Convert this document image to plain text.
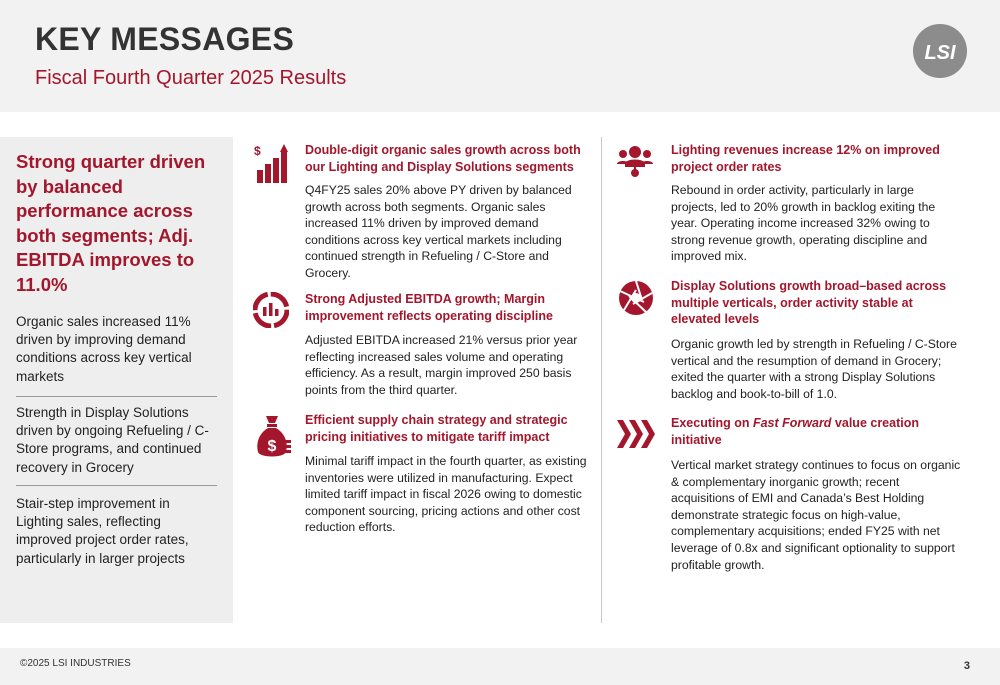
KEY MESSAGES
Fiscal Fourth Quarter 2025 Results
LSI
Strong quarter driven by balanced performance across both segments; Adj. EBITDA improves to 11.0%
Organic sales increased 11% driven by improving demand conditions across key vertical markets
Strength in Display Solutions driven by ongoing Refueling / C-Store programs, and continued recovery in Grocery
Stair-step improvement in Lighting sales, reflecting improved project order rates, particularly in larger projects
$	Double-digit organic sales growth across both our Lighting and Display Solutions segments
Q4FY25 sales 20% above PY driven by balanced growth across both segments. Organic sales increased 11% driven by improved demand conditions across key vertical markets including continued strength in Refueling / C-Store and Grocery.
Strong Adjusted EBITDA growth; Margin improvement reflects operating discipline
Adjusted EBITDA increased 21% versus prior year reflecting increased sales volume and operating efficiency. As a result, margin improved 250 basis points from the third quarter.
$
Efficient supply chain strategy and strategic pricing initiatives to mitigate tariff impact
Minimal tariff impact in the fourth quarter, as existing inventories were utilized in manufacturing. Expect limited tariff impact in fiscal 2026 owing to domestic component sourcing, pricing actions and other cost reduction efforts.
Lighting revenues increase 12% on improved project order rates
Rebound in order activity, particularly in large projects, led to 20% growth in backlog exiting the year. Operating income increased 32% owing to strong revenue growth, operating discipline and improved mix.
Display Solutions growth broad–based across multiple verticals, order activity stable at elevated levels
Organic growth led by strength in Refueling / C-Store vertical and the resumption of demand in Grocery; exited the quarter with a strong Display Solutions backlog and book-to-bill of 1.0.
Executing on Fast Forward value creation initiative
Vertical market strategy continues to focus on organic & complementary inorganic growth; recent acquisitions of EMI and Canada’s Best Holding demonstrate strategic focus on high-value, complementary acquisitions; ended FY25 with net leverage of 0.8x and significant optionality to support profitable growth.
©2025 LSI INDUSTRIES	3
